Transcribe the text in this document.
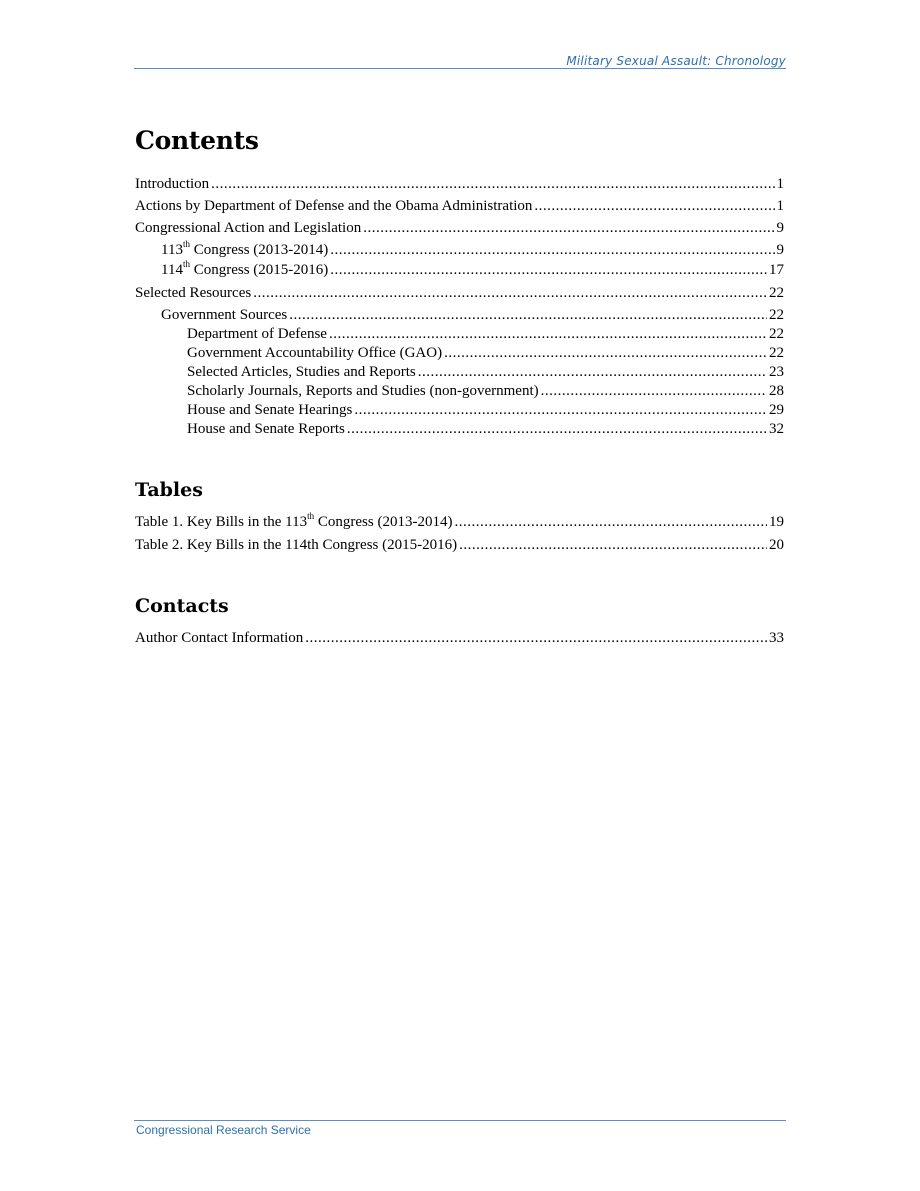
Military Sexual Assault: Chronology
Contents
Introduction .....	1
Actions by Department of Defense and the Obama Administration .....	1
Congressional Action and Legislation .....	9
113th Congress (2013-2014) .....	9
114th Congress (2015-2016) .....	17
Selected Resources .....	22
Government Sources .....	22
Department of Defense .....	22
Government Accountability Office (GAO) .....	22
Selected Articles, Studies and Reports .....	23
Scholarly Journals, Reports and Studies (non-government) .....	28
House and Senate Hearings .....	29
House and Senate Reports .....	32
Tables
Table 1. Key Bills in the 113th Congress (2013-2014) .....	19
Table 2. Key Bills in the 114th Congress (2015-2016) .....	20
Contacts
Author Contact Information .....	33
Congressional Research Service
